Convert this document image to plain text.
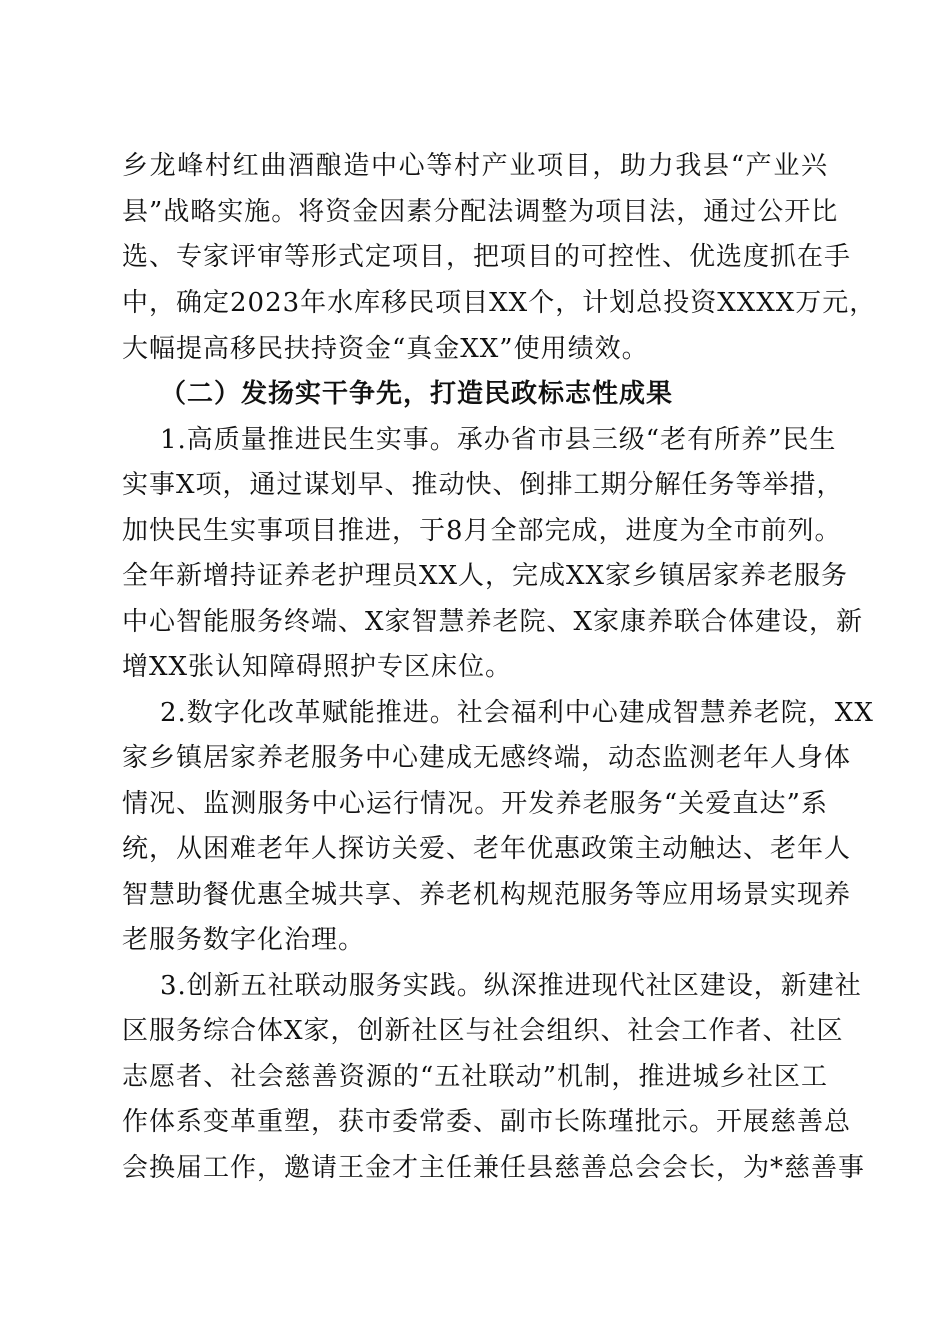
乡龙峰村红曲酒酿造中心等村产业项目，助力我县“产业兴
县”战略实施。将资金因素分配法调整为项目法，通过公开比
选、专家评审等形式定项目，把项目的可控性、优选度抓在手
中，确定2023年水库移民项目XX个，计划总投资XXXX万元，
大幅提高移民扶持资金“真金XX”使用绩效。
（二）发扬实干争先，打造民政标志性成果
1.高质量推进民生实事。承办省市县三级“老有所养”民生
实事X项，通过谋划早、推动快、倒排工期分解任务等举措，
加快民生实事项目推进，于8月全部完成，进度为全市前列。
全年新增持证养老护理员XX人，完成XX家乡镇居家养老服务
中心智能服务终端、X家智慧养老院、X家康养联合体建设，新
增XX张认知障碍照护专区床位。
2.数字化改革赋能推进。社会福利中心建成智慧养老院，XX
家乡镇居家养老服务中心建成无感终端，动态监测老年人身体
情况、监测服务中心运行情况。开发养老服务“关爱直达”系
统，从困难老年人探访关爱、老年优惠政策主动触达、老年人
智慧助餐优惠全城共享、养老机构规范服务等应用场景实现养
老服务数字化治理。
3.创新五社联动服务实践。纵深推进现代社区建设，新建社
区服务综合体X家，创新社区与社会组织、社会工作者、社区
志愿者、社会慈善资源的“五社联动”机制，推进城乡社区工
作体系变革重塑，获市委常委、副市长陈瑾批示。开展慈善总
会换届工作，邀请王金才主任兼任县慈善总会会长，为*慈善事
